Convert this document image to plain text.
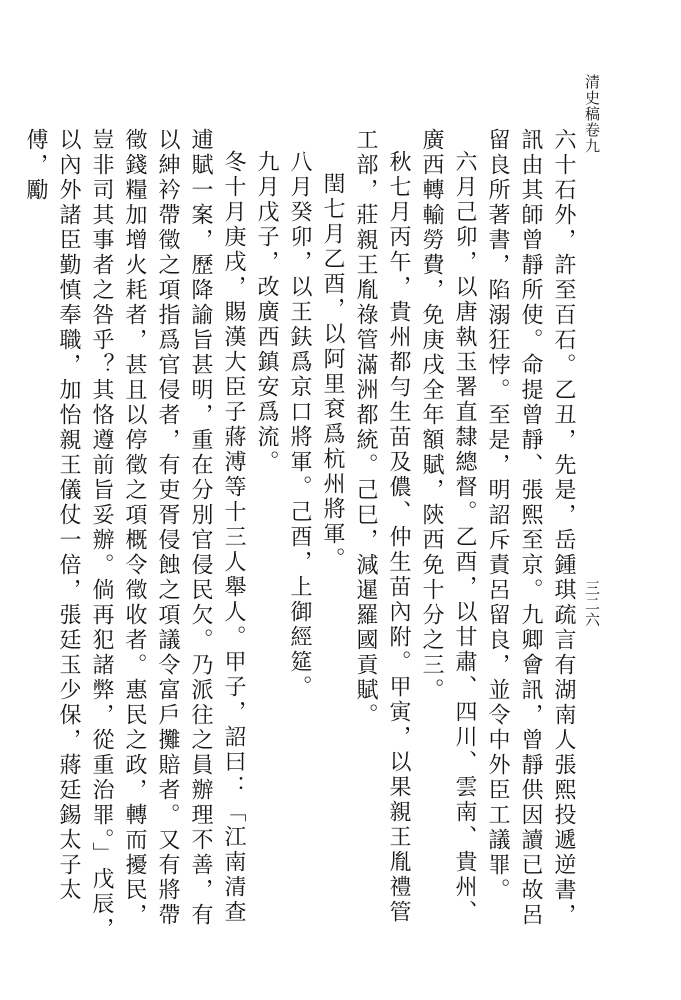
清史稿卷九
三二六

六十石外，許至百石。乙丑，先是，岳鍾琪疏言有湖南人張熙投遞逆書，訊由其師曾靜所使。命提曾靜、張熙至京。九卿會訊，曾靜供因讀已故呂留良所著書，陷溺狂悖。至是，明詔斥責呂留良，並令中外臣工議罪。

六月己卯，以唐執玉署直隸總督。乙酉，以甘肅、四川、雲南、貴州、廣西轉輸勞費，免庚戌全年額賦，陝西免十分之三。

秋七月丙午，貴州都勻生苗及儂、仲生苗內附。甲寅，以果親王胤禮管工部，莊親王胤祿管滿洲都統。己巳，減暹羅國貢賦。

閏七月乙酉，以阿里袞爲杭州將軍。

八月癸卯，以王鈇爲京口將軍。己酉，上御經筵。

九月戊子，改廣西鎮安爲流。

冬十月庚戌，賜漢大臣子蔣溥等十三人舉人。甲子，詔曰：「江南清查逋賦一案，歷降諭旨甚明，重在分別官侵民欠。乃派往之員辦理不善，有以紳衿帶徵之項指爲官侵者，有吏胥侵蝕之項議令富戶攤賠者。又有將帶徵錢糧加增火耗者，甚且以停徵之項概令徵收者。惠民之政，轉而擾民，豈非司其事者之咎乎？其恪遵前旨妥辦。倘再犯諸弊，從重治罪。」戊辰，以內外諸臣勤慎奉職，加怡親王儀仗一倍，張廷玉少保，蔣廷錫太子太傅，勵
